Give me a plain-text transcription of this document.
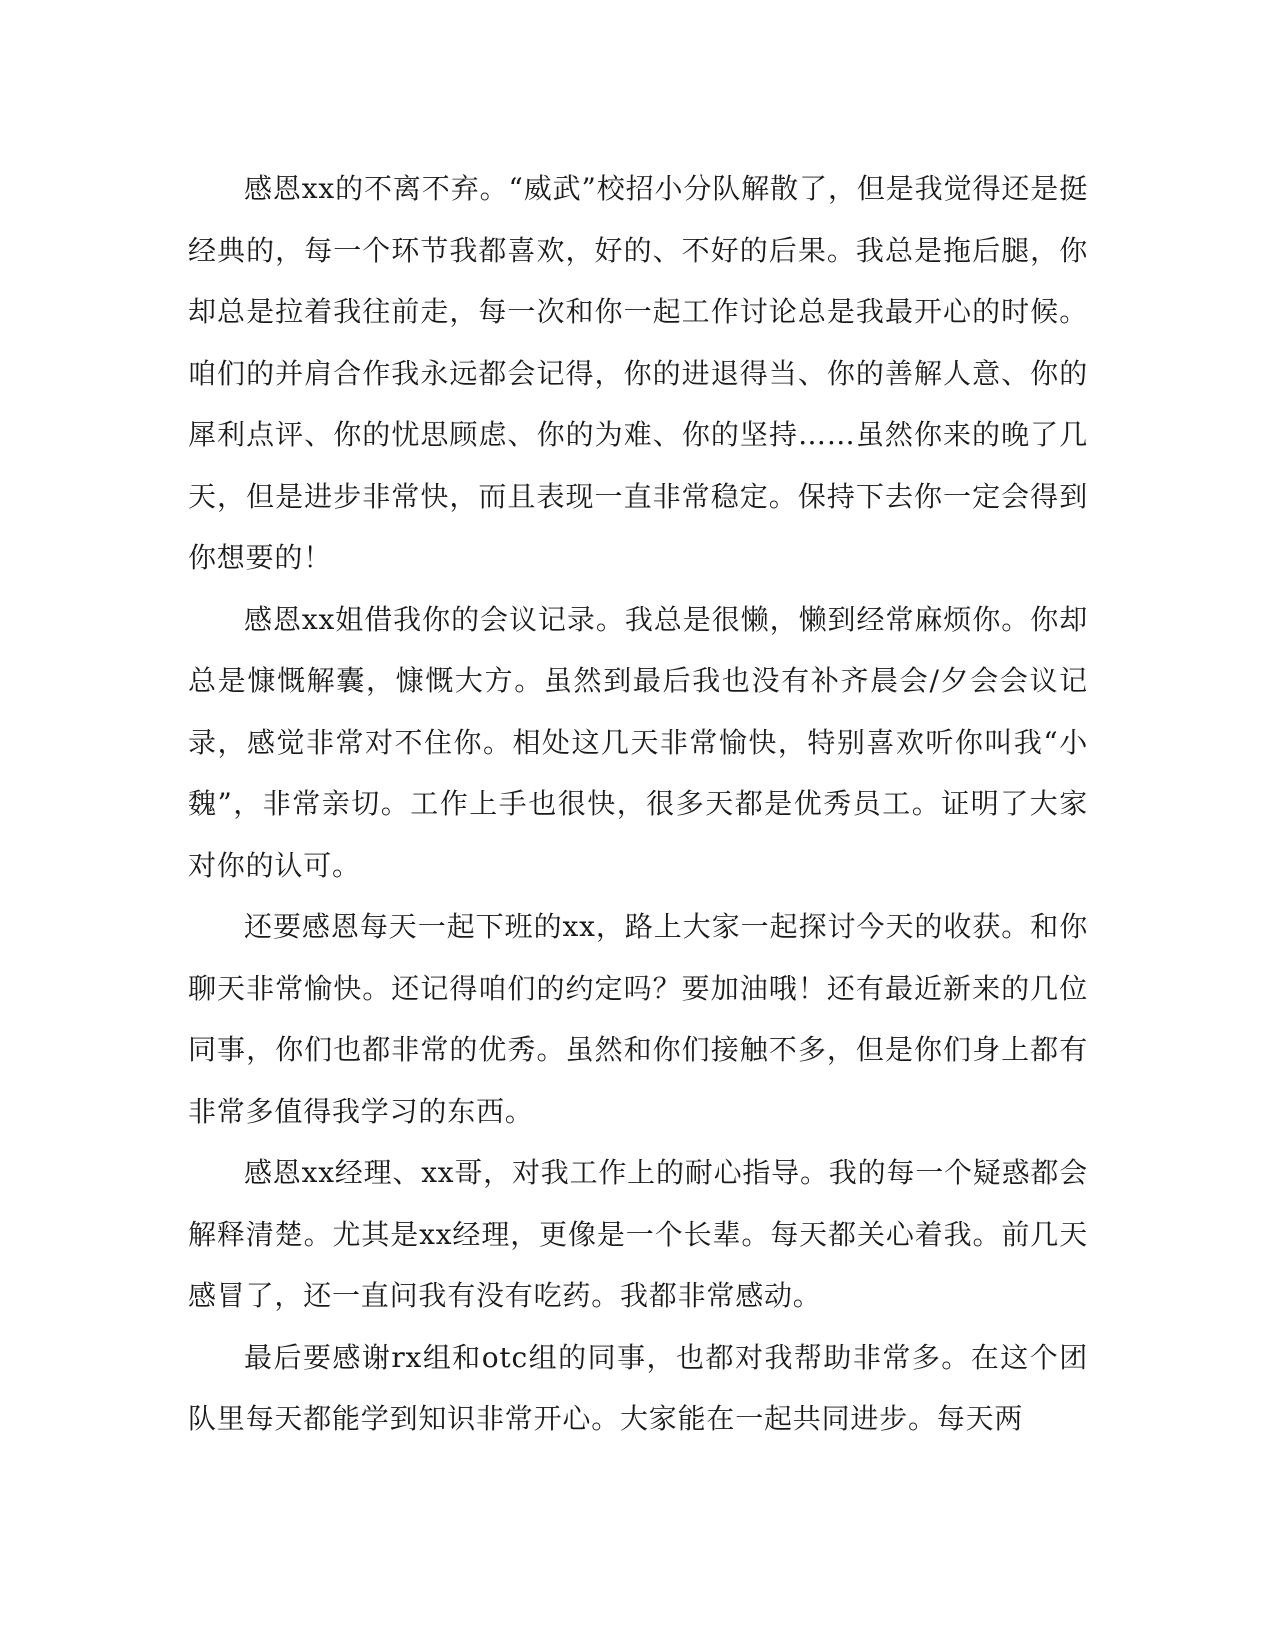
感恩xx的不离不弃。“威武”校招小分队解散了，但是我觉得还是挺经典的，每一个环节我都喜欢，好的、不好的后果。我总是拖后腿，你却总是拉着我往前走，每一次和你一起工作讨论总是我最开心的时候。咱们的并肩合作我永远都会记得，你的进退得当、你的善解人意、你的犀利点评、你的忧思顾虑、你的为难、你的坚持……虽然你来的晚了几天，但是进步非常快，而且表现一直非常稳定。保持下去你一定会得到你想要的！

感恩xx姐借我你的会议记录。我总是很懒，懒到经常麻烦你。你却总是慷慨解囊，慷慨大方。虽然到最后我也没有补齐晨会/夕会会议记录，感觉非常对不住你。相处这几天非常愉快，特别喜欢听你叫我“小魏”，非常亲切。工作上手也很快，很多天都是优秀员工。证明了大家对你的认可。

还要感恩每天一起下班的xx，路上大家一起探讨今天的收获。和你聊天非常愉快。还记得咱们的约定吗？要加油哦！还有最近新来的几位同事，你们也都非常的优秀。虽然和你们接触不多，但是你们身上都有非常多值得我学习的东西。

感恩xx经理、xx哥，对我工作上的耐心指导。我的每一个疑惑都会解释清楚。尤其是xx经理，更像是一个长辈。每天都关心着我。前几天感冒了，还一直问我有没有吃药。我都非常感动。

最后要感谢rx组和otc组的同事，也都对我帮助非常多。在这个团队里每天都能学到知识非常开心。大家能在一起共同进步。每天两
